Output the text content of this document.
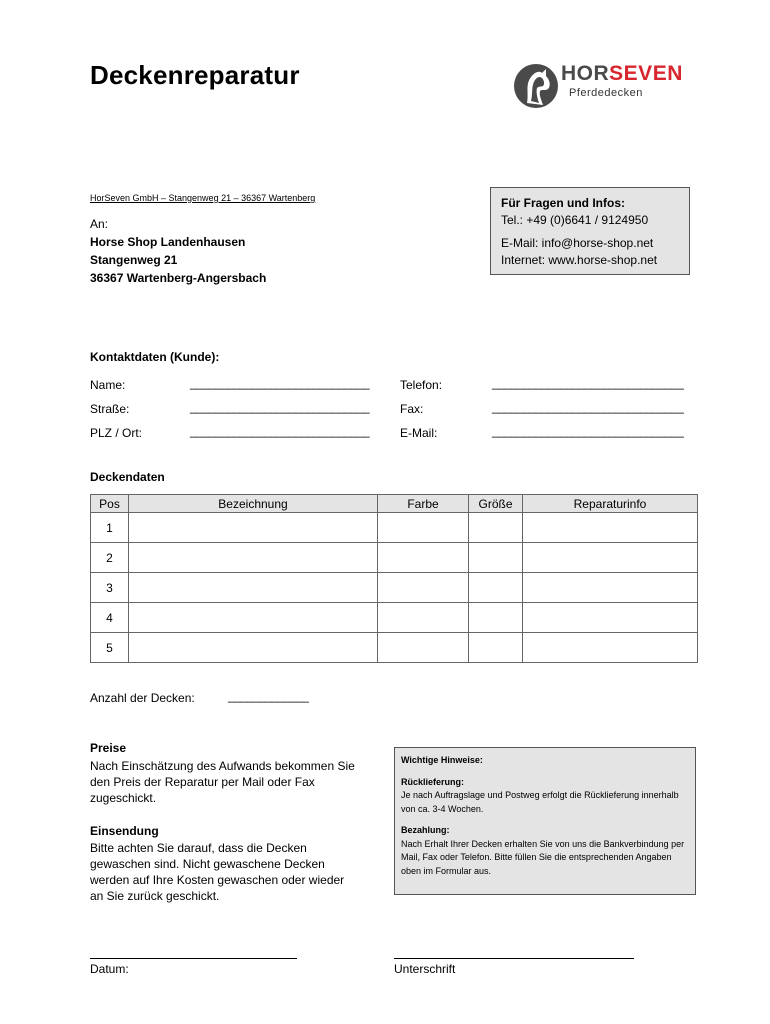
Deckenreparatur	HORSEVEN
Pferdedecken
HorSeven GmbH – Stangenweg 21 – 36367 Wartenberg
An:
Horse Shop Landenhausen
Stangenweg 21
36367 Wartenberg-Angersbach
Für Fragen und Infos:
Tel.: +49 (0)6641 / 9124950
E-Mail: info@horse-shop.net
Internet: www.horse-shop.net
Kontaktdaten (Kunde):
Name:	_____________________________	Telefon:	_______________________________
Straße:	_____________________________	Fax:	_______________________________
PLZ / Ort:	_____________________________	E-Mail:	_______________________________
Deckendaten
Pos	Bezeichnung	Farbe	Größe	Reparaturinfo
1				
2				
3				
4				
5				
Anzahl der Decken:	_____________
Preise
Nach Einschätzung des Aufwands bekommen Sie den Preis der Reparatur per Mail oder Fax zugeschickt.
Einsendung
Bitte achten Sie darauf, dass die Decken gewaschen sind. Nicht gewaschene Decken werden auf Ihre Kosten gewaschen oder wieder an Sie zurück geschickt.
Wichtige Hinweise:
Rücklieferung:
Je nach Auftragslage und Postweg erfolgt die Rücklieferung innerhalb von ca. 3-4 Wochen.
Bezahlung:
Nach Erhalt Ihrer Decken erhalten Sie von uns die Bankverbindung per Mail, Fax oder Telefon. Bitte füllen Sie die entsprechenden Angaben oben im Formular aus.
Datum:	Unterschrift
